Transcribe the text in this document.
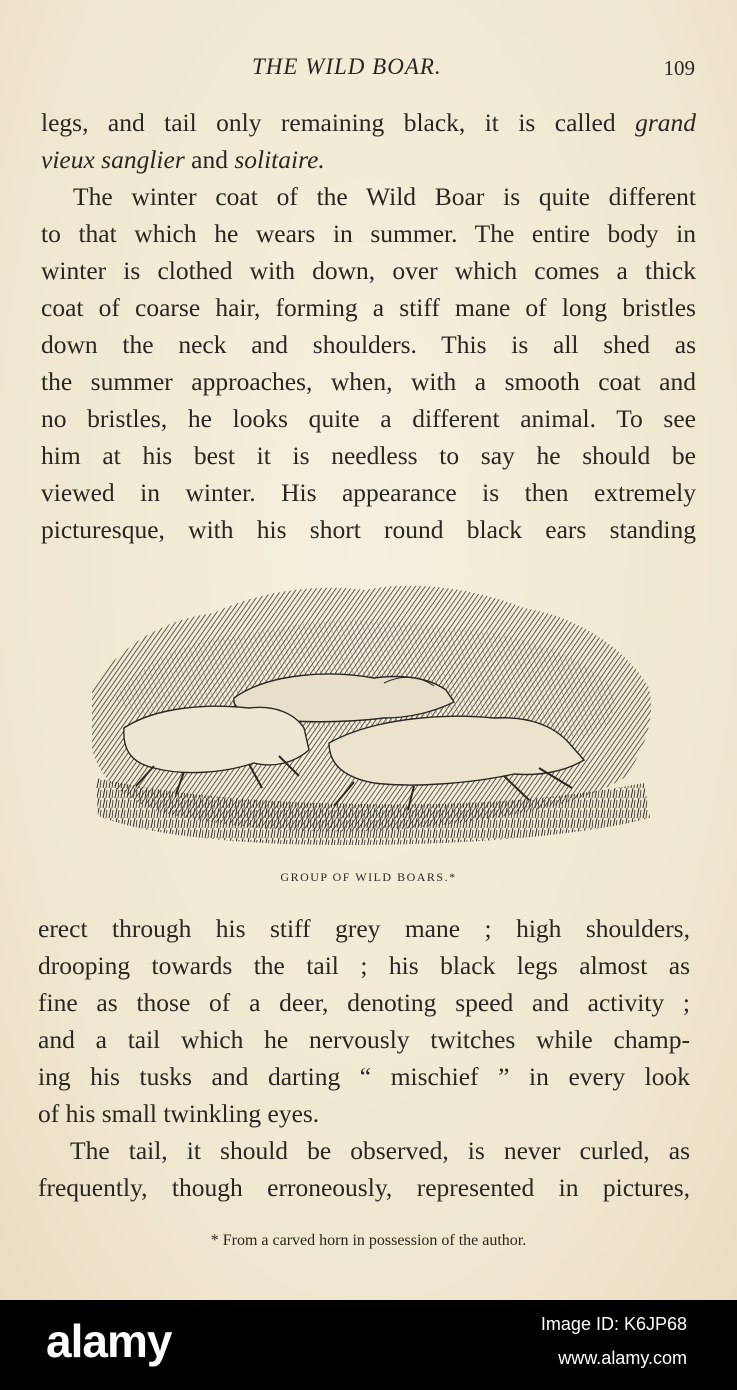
THE WILD BOAR.	109
legs, and tail only remaining black, it is called grand
vieux sanglier and solitaire.
The winter coat of the Wild Boar is quite different
to that which he wears in summer. The entire body in
winter is clothed with down, over which comes a thick
coat of coarse hair, forming a stiff mane of long bristles
down the neck and shoulders. This is all shed as
the summer approaches, when, with a smooth coat and
no bristles, he looks quite a different animal. To see
him at his best it is needless to say he should be
viewed in winter. His appearance is then extremely
picturesque, with his short round black ears standing
GROUP OF WILD BOARS.*
erect through his stiff grey mane ; high shoulders,
drooping towards the tail ; his black legs almost as
fine as those of a deer, denoting speed and activity ;
and a tail which he nervously twitches while champ-
ing his tusks and darting “ mischief ” in every look
of his small twinkling eyes.
The tail, it should be observed, is never curled, as
frequently, though erroneously, represented in pictures,
* From a carved horn in possession of the author.
alamy	Image ID: K6JP68
www.alamy.com
